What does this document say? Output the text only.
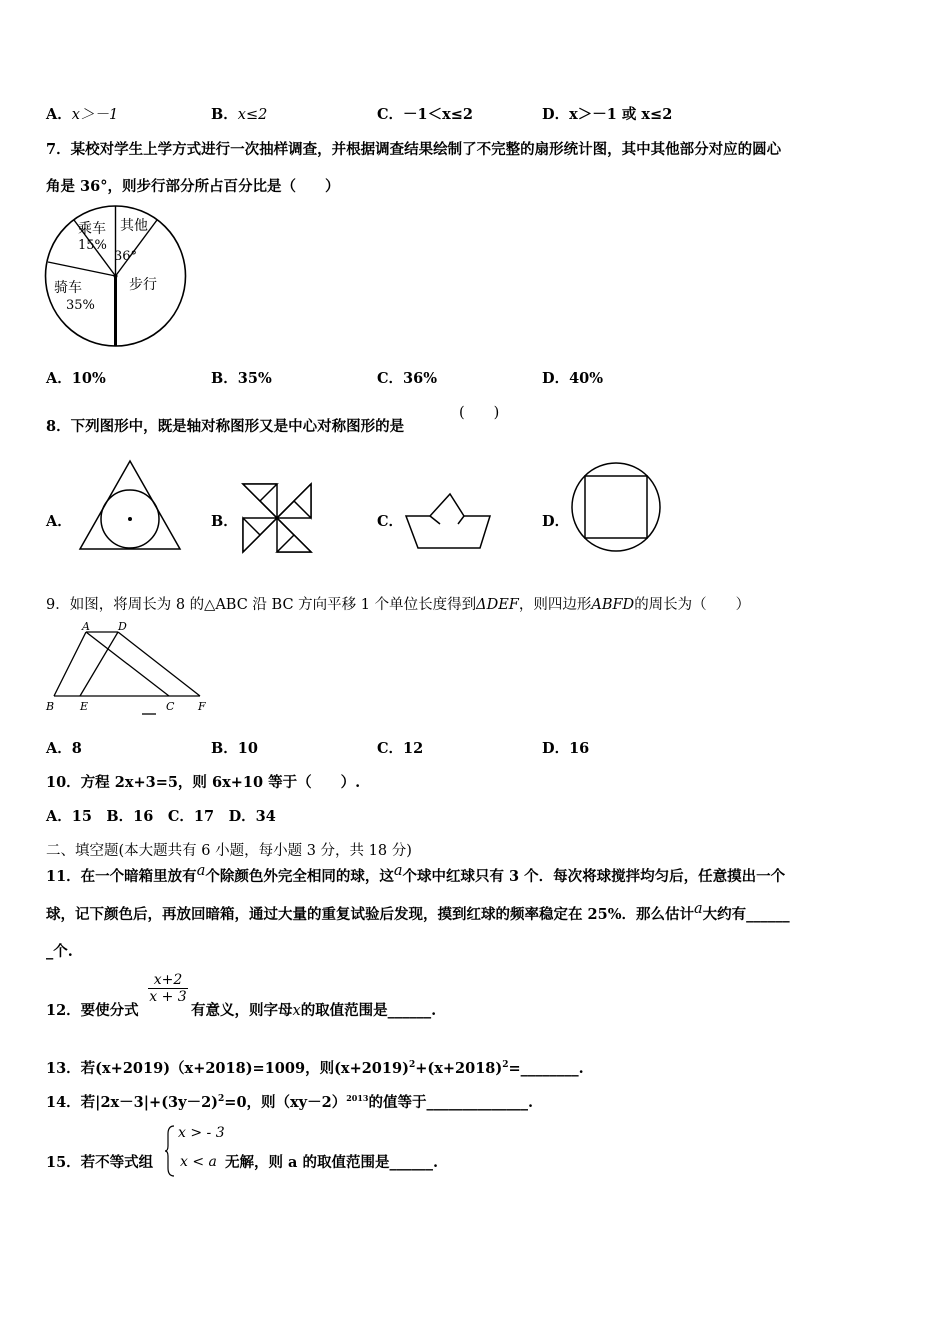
A．x＞－1	B．x≤2	C．－1＜x≤2	D．x＞－1 或 x≤2
7．某校对学生上学方式进行一次抽样调查，并根据调查结果绘制了不完整的扇形统计图，其中其他部分对应的圆心
角是 36°，则步行部分所占百分比是（　　）
乘车
15%
其他
36°
骑车
35%
步行
A．10%	B．35%	C．36%	D．40%
8．下列图形中，既是轴对称图形又是中心对称图形的是
(　　)
A．	B．	C．	D．
9．如图，将周长为 8 的△ABC 沿 BC 方向平移 1 个单位长度得到ΔDEF，则四边形ABFD的周长为（　　）
A	D
B E	C F
A．8	B．10	C．12	D．16
10．方程 2x+3=5，则 6x+10 等于（　　）.
A．15　B．16　C．17　D．34
二、填空题(本大题共有 6 小题，每小题 3 分，共 18 分)
11．在一个暗箱里放有a个除颜色外完全相同的球，这a个球中红球只有 3 个．每次将球搅拌均匀后，任意摸出一个
球，记下颜色后，再放回暗箱，通过大量的重复试验后发现，摸到红球的频率稳定在 25%．那么估计a大约有______
_个.
12．要使分式
$\frac{x+2}{x + 3}$
有意义，则字母x的取值范围是______.
13．若(x+2019)（x+2018)=1009，则$(x+2019)^2+(x+2018)^2=\_\_\_\_\_\_\_\_$.
14．若$|2x-3|+(3y-2)^2=0$，则$(xy-2)^{2013}$的值等于______________.
15．若不等式组
x > - 3
x < a 无解，则 a 的取值范围是______.
